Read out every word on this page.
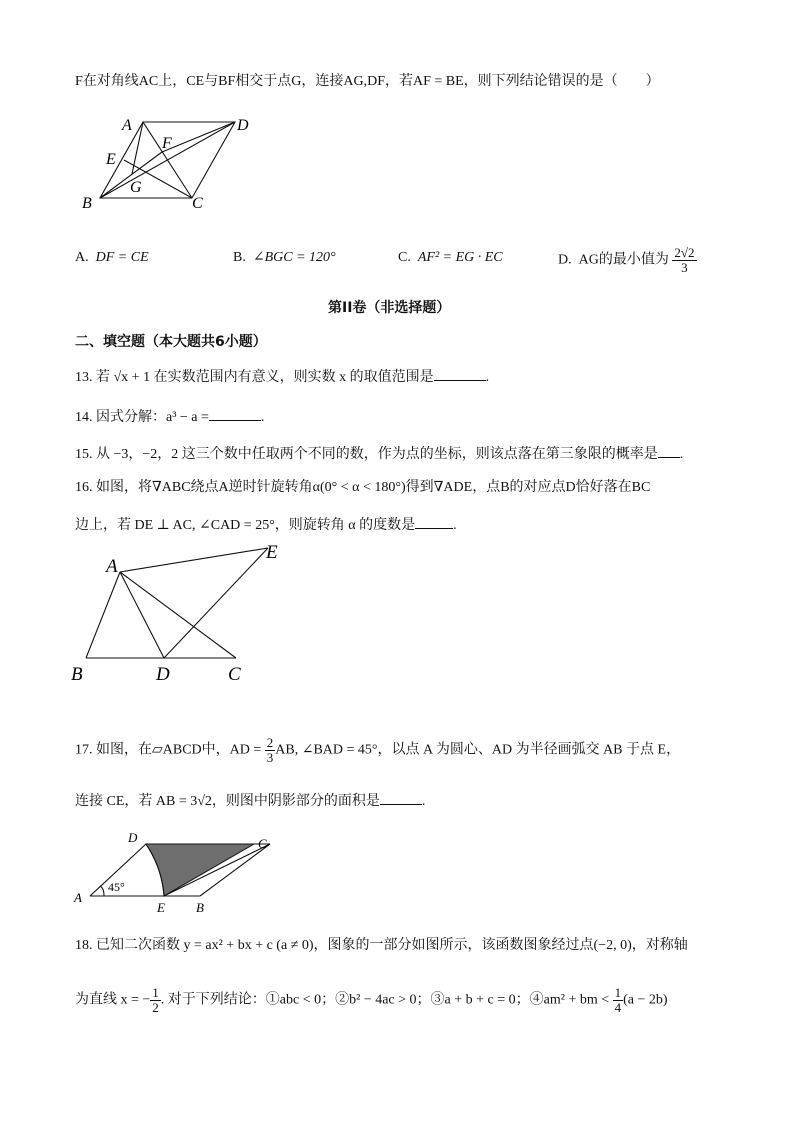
F在对角线AC上，CE与BF相交于点G，连接AG,DF，若AF = BE，则下列结论错误的是（　　）
A	D
E
F
G
B	C
A. DF = CE	B. ∠BGC = 120°	C. AF² = EG · EC	D. AG的最小值为 $\frac{2√2}{3}$
第II卷（非选择题）
二、填空题（本大题共6小题）
13. 若 √x + 1 在实数范围内有意义，则实数 x 的取值范围是	.
14. 因式分解：a³ − a =	.
15. 从 −3，−2，2 这三个数中任取两个不同的数，作为点的坐标，则该点落在第三象限的概率是 .
16. 如图，将∇ABC绕点A逆时针旋转角α(0° < α < 180°)得到∇ADE，点B的对应点D恰好落在BC
边上，若 DE ⊥ AC, ∠CAD = 25°，则旋转角 α 的度数是	.
A
E
B	D	C
17. 如图，在▱ABCD中，AD = $\frac{2}{3}$ AB, ∠BAD = 45°，以点 A 为圆心、AD 为半径画弧交 AB 于点 E，
连接 CE，若 AB = 3√2，则图中阴影部分的面积是	.
D	C
A
E B
45°
18. 已知二次函数 y = ax² + bx + c (a ≠ 0)，图象的一部分如图所示，该函数图象经过点(−2, 0)，对称轴
为直线 x = − $\frac{1}{2}$ . 对于下列结论：①abc < 0；②b² − 4ac > 0；③a + b + c = 0；④am² + bm < $\frac{1}{4} (a - 2b)$
